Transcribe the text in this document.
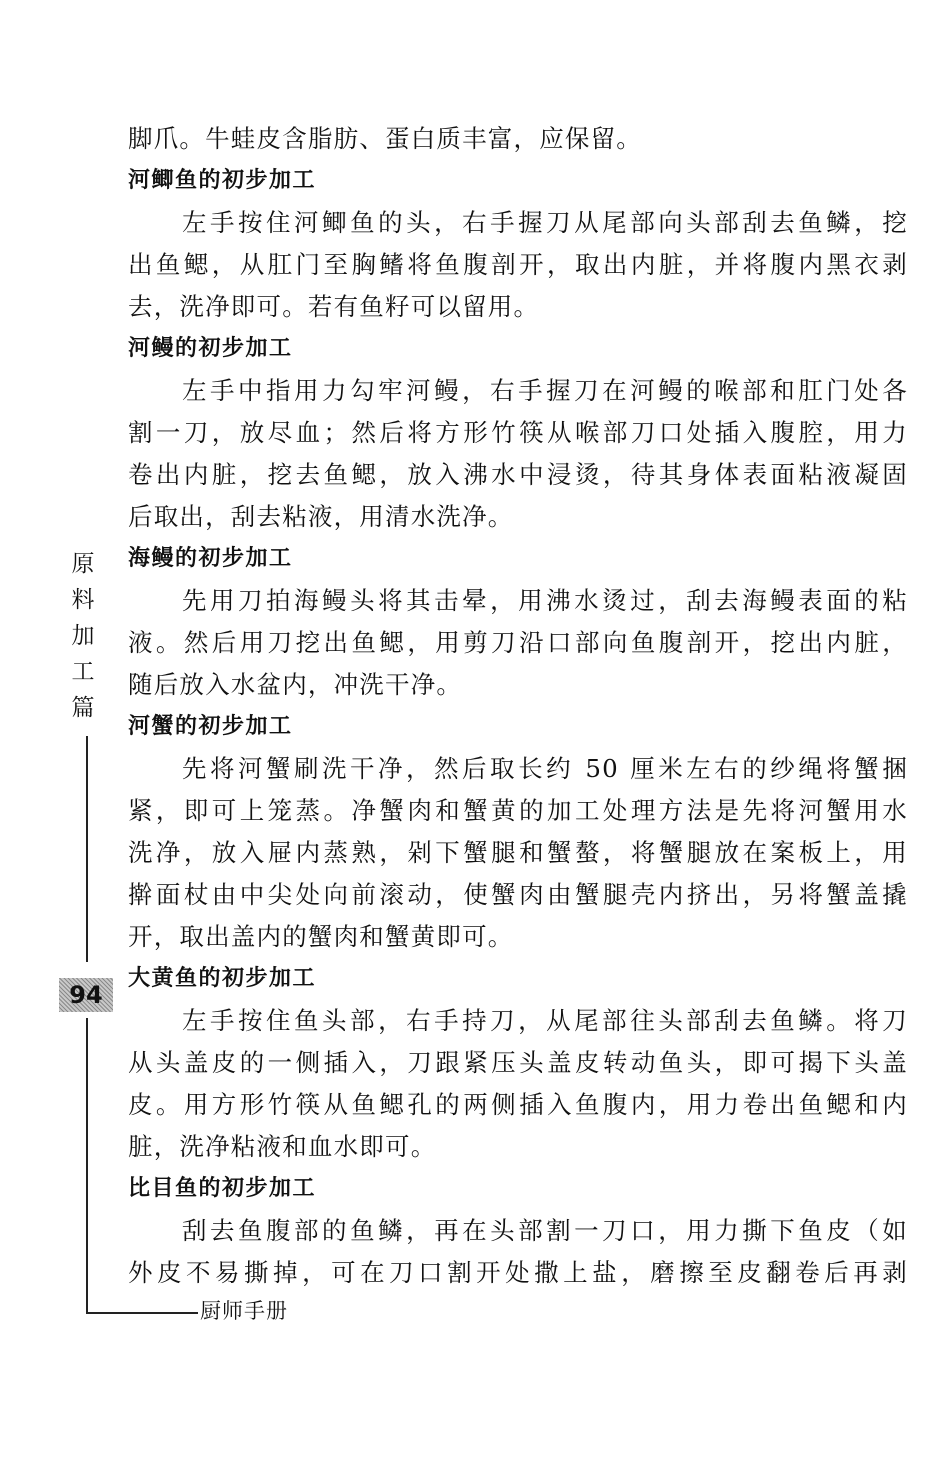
脚爪。牛蛙皮含脂肪、蛋白质丰富，应保留。
河鲫鱼的初步加工
左手按住河鲫鱼的头，右手握刀从尾部向头部刮去鱼鳞，挖
出鱼鳃，从肛门至胸鳍将鱼腹剖开，取出内脏，并将腹内黑衣剥
去，洗净即可。若有鱼籽可以留用。
河鳗的初步加工
左手中指用力勾牢河鳗，右手握刀在河鳗的喉部和肛门处各
割一刀，放尽血；然后将方形竹筷从喉部刀口处插入腹腔，用力
卷出内脏，挖去鱼鳃，放入沸水中浸烫，待其身体表面粘液凝固
后取出，刮去粘液，用清水洗净。
海鳗的初步加工
先用刀拍海鳗头将其击晕，用沸水烫过，刮去海鳗表面的粘
液。然后用刀挖出鱼鳃，用剪刀沿口部向鱼腹剖开，挖出内脏，
随后放入水盆内，冲洗干净。
河蟹的初步加工
先将河蟹刷洗干净，然后取长约 50 厘米左右的纱绳将蟹捆
紧，即可上笼蒸。净蟹肉和蟹黄的加工处理方法是先将河蟹用水
洗净，放入屉内蒸熟，剁下蟹腿和蟹螯，将蟹腿放在案板上，用
擀面杖由中尖处向前滚动，使蟹肉由蟹腿壳内挤出，另将蟹盖撬
开，取出盖内的蟹肉和蟹黄即可。
大黄鱼的初步加工
左手按住鱼头部，右手持刀，从尾部往头部刮去鱼鳞。将刀
从头盖皮的一侧插入，刀跟紧压头盖皮转动鱼头，即可揭下头盖
皮。用方形竹筷从鱼鳃孔的两侧插入鱼腹内，用力卷出鱼鳃和内
脏，洗净粘液和血水即可。
比目鱼的初步加工
刮去鱼腹部的鱼鳞，再在头部割一刀口，用力撕下鱼皮（如
外皮不易撕掉，可在刀口割开处撒上盐，磨擦至皮翻卷后再剥
原
料
加
工
篇
94
厨师手册
